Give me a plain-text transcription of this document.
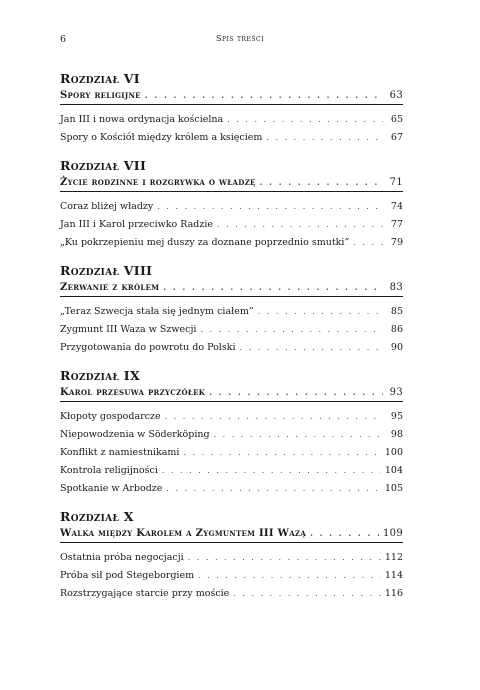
6	Spis treści
Rozdział VI
Spory religijne . . .	63
Jan III i nowa ordynacja kościelna . . .	65
Spory o Kościół między królem a księciem . . .	67
Rozdział VII
Życie rodzinne i rozgrywka o władzę . . .	71
Coraz bliżej władzy . . .	74
Jan III i Karol przeciwko Radzie . . .	77
„Ku pokrzepieniu mej duszy za doznane poprzednio smutki” . . .	79
Rozdział VIII
Zerwanie z królem . . .	83
„Teraz Szwecja stała się jednym ciałem” . . .	85
Zygmunt III Waza w Szwecji . . .	86
Przygotowania do powrotu do Polski . . .	90
Rozdział IX
Karol przesuwa przyczółek . . .	93
Kłopoty gospodarcze . . .	95
Niepowodzenia w Söderköping . . .	98
Konflikt z namiestnikami . . .	100
Kontrola religijności . . .	104
Spotkanie w Arbodze . . .	105
Rozdział X
Walka między Karolem a Zygmuntem III Wazą . . .	109
Ostatnia próba negocjacji . . .	112
Próba sił pod Stegeborgiem . . .	114
Rozstrzygające starcie przy moście . . .	116
